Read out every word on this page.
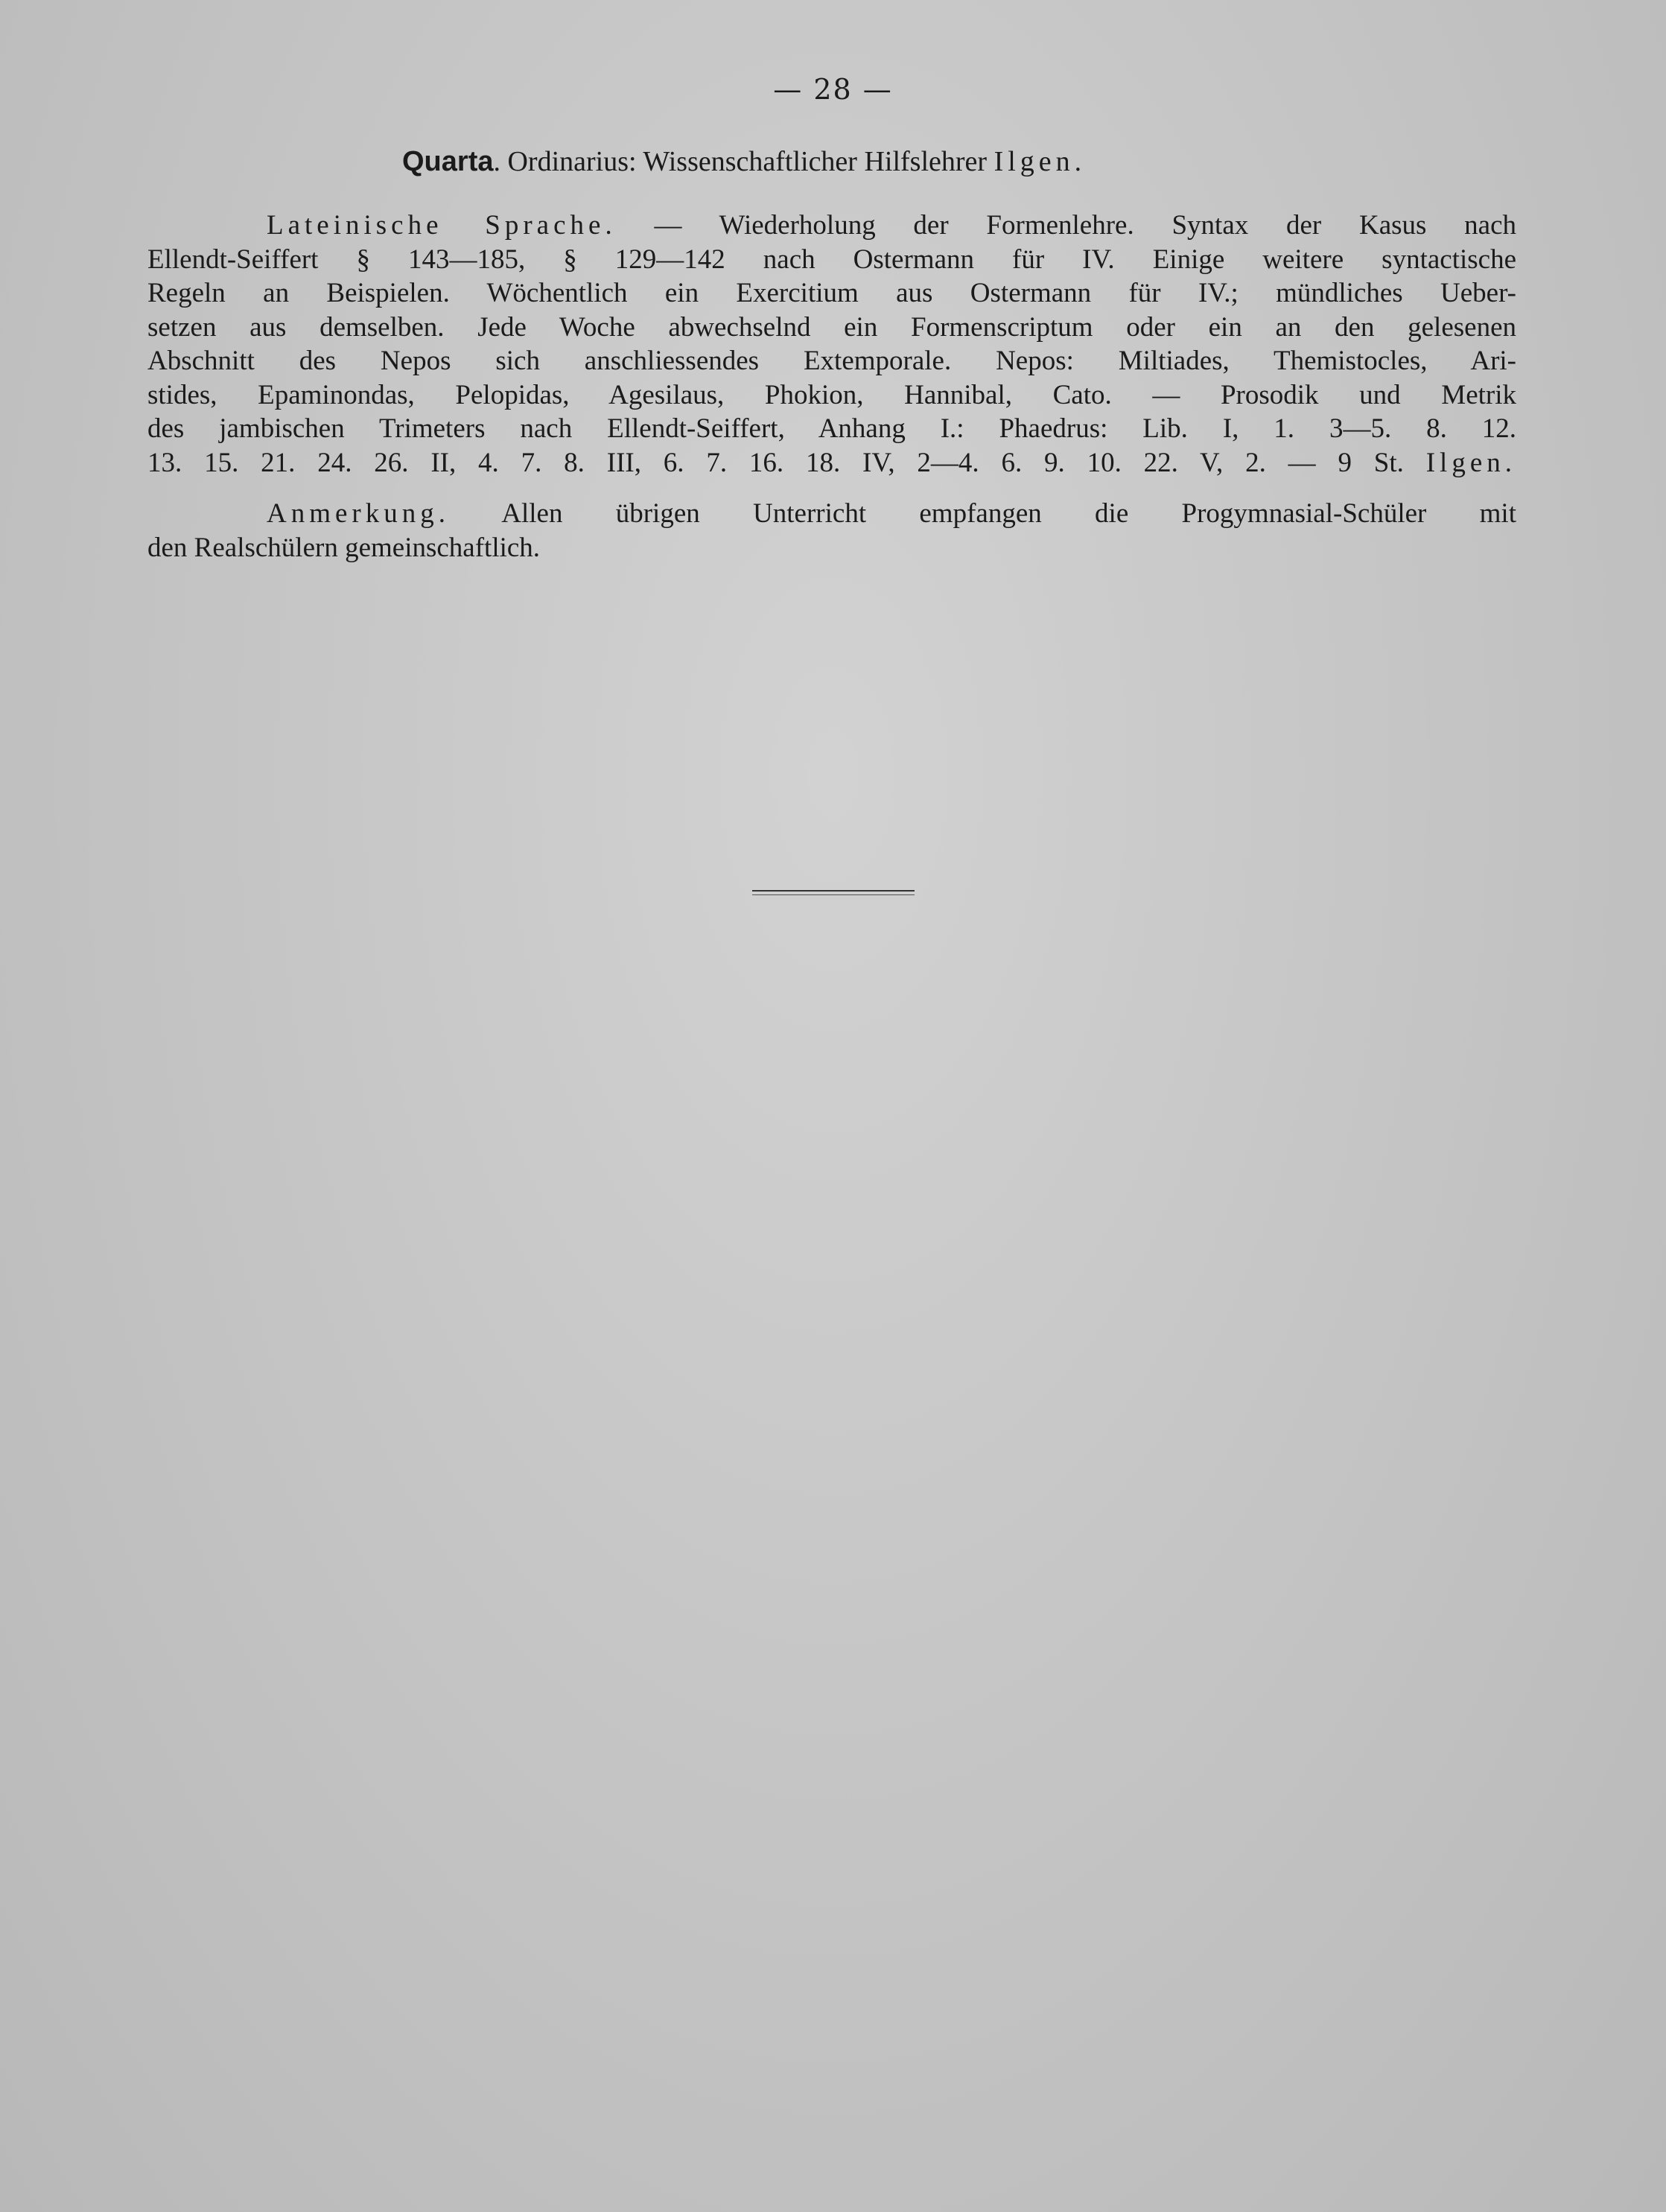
— 28 —
Quarta. Ordinarius: Wissenschaftlicher Hilfslehrer Ilgen.
Lateinische Sprache. — Wiederholung der Formenlehre. Syntax der Kasus nach
Ellendt-Seiffert § 143—185, § 129—142 nach Ostermann für IV. Einige weitere syntactische
Regeln an Beispielen. Wöchentlich ein Exercitium aus Ostermann für IV.; mündliches Ueber-
setzen aus demselben. Jede Woche abwechselnd ein Formenscriptum oder ein an den gelesenen
Abschnitt des Nepos sich anschliessendes Extemporale. Nepos: Miltiades, Themistocles, Ari-
stides, Epaminondas, Pelopidas, Agesilaus, Phokion, Hannibal, Cato. — Prosodik und Metrik
des jambischen Trimeters nach Ellendt-Seiffert, Anhang I.: Phaedrus: Lib. I, 1. 3—5. 8. 12.
13. 15. 21. 24. 26. II, 4. 7. 8. III, 6. 7. 16. 18. IV, 2—4. 6. 9. 10. 22. V, 2. — 9 St. Ilgen.
Anmerkung. Allen übrigen Unterricht empfangen die Progymnasial-Schüler mit
den Realschülern gemeinschaftlich.
